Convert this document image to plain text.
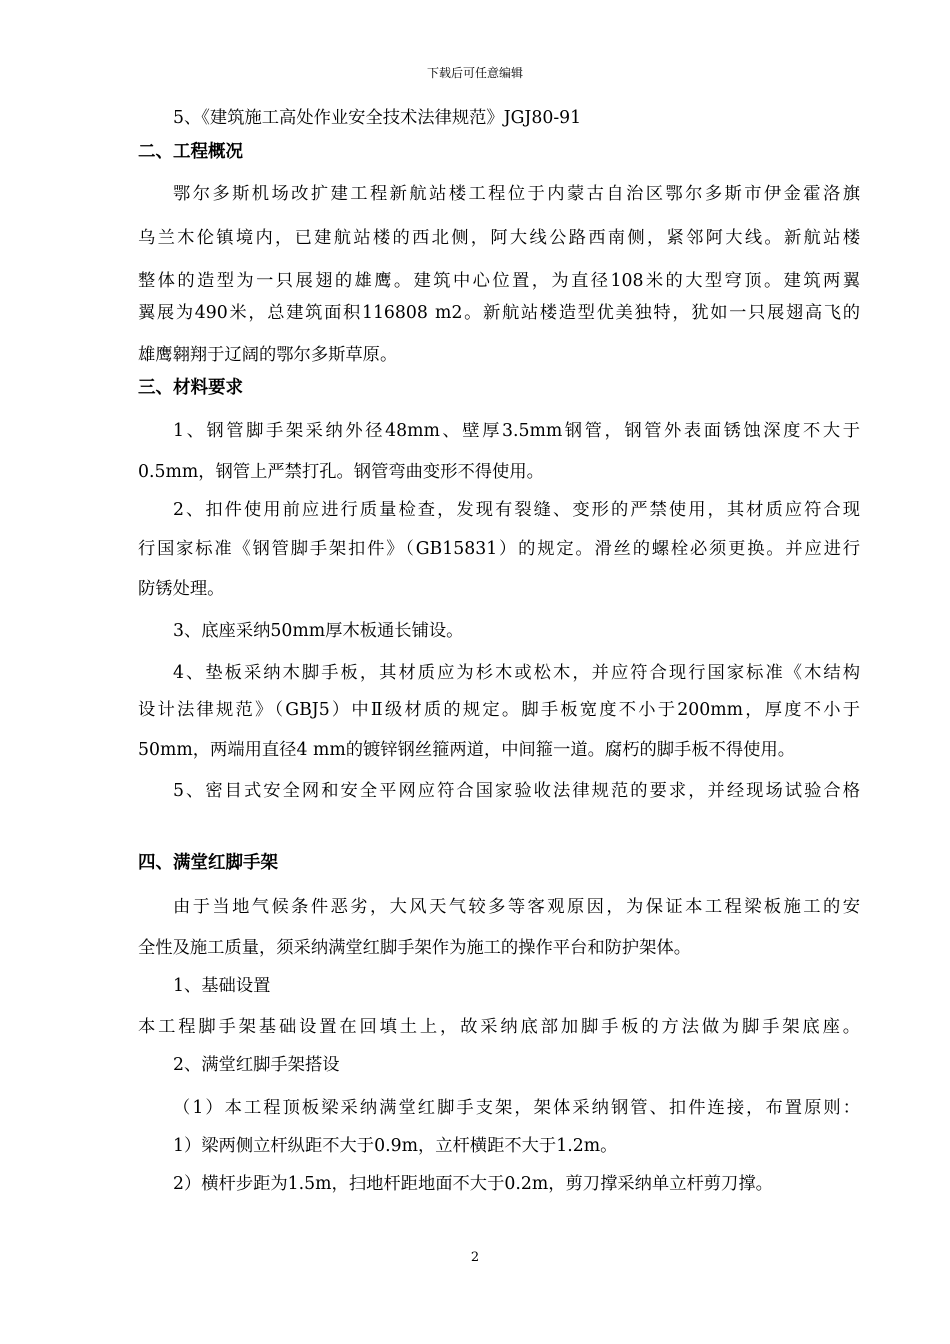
下载后可任意编辑
5、《建筑施工高处作业安全技术法律规范》JGJ80-91
二、工程概况
鄂尔多斯机场改扩建工程新航站楼工程位于内蒙古自治区鄂尔多斯市伊金霍洛旗
乌兰木伦镇境内，已建航站楼的西北侧，阿大线公路西南侧，紧邻阿大线。新航站楼
整体的造型为一只展翅的雄鹰。建筑中心位置，为直径108米的大型穹顶。建筑两翼
翼展为490米，总建筑面积116808 m2。新航站楼造型优美独特，犹如一只展翅高飞的
雄鹰翱翔于辽阔的鄂尔多斯草原。
三、材料要求
1、钢管脚手架采纳外径48mm、壁厚3.5mm钢管，钢管外表面锈蚀深度不大于
0.5mm，钢管上严禁打孔。钢管弯曲变形不得使用。
2、扣件使用前应进行质量检查，发现有裂缝、变形的严禁使用，其材质应符合现
行国家标准《钢管脚手架扣件》（GB15831）的规定。滑丝的螺栓必须更换。并应进行
防锈处理。
3、底座采纳50mm厚木板通长铺设。
4、垫板采纳木脚手板，其材质应为杉木或松木，并应符合现行国家标准《木结构
设计法律规范》（GBJ5）中Ⅱ级材质的规定。脚手板宽度不小于200mm，厚度不小于
50mm，两端用直径4 mm的镀锌钢丝箍两道，中间箍一道。腐朽的脚手板不得使用。
5、密目式安全网和安全平网应符合国家验收法律规范的要求，并经现场试验合格
四、满堂红脚手架
由于当地气候条件恶劣，大风天气较多等客观原因，为保证本工程梁板施工的安
全性及施工质量，须采纳满堂红脚手架作为施工的操作平台和防护架体。
1、基础设置
本工程脚手架基础设置在回填土上，故采纳底部加脚手板的方法做为脚手架底座。
2、满堂红脚手架搭设
（1）本工程顶板梁采纳满堂红脚手支架，架体采纳钢管、扣件连接，布置原则：
1）梁两侧立杆纵距不大于0.9m，立杆横距不大于1.2m。
2）横杆步距为1.5m，扫地杆距地面不大于0.2m，剪刀撑采纳单立杆剪刀撑。
2
